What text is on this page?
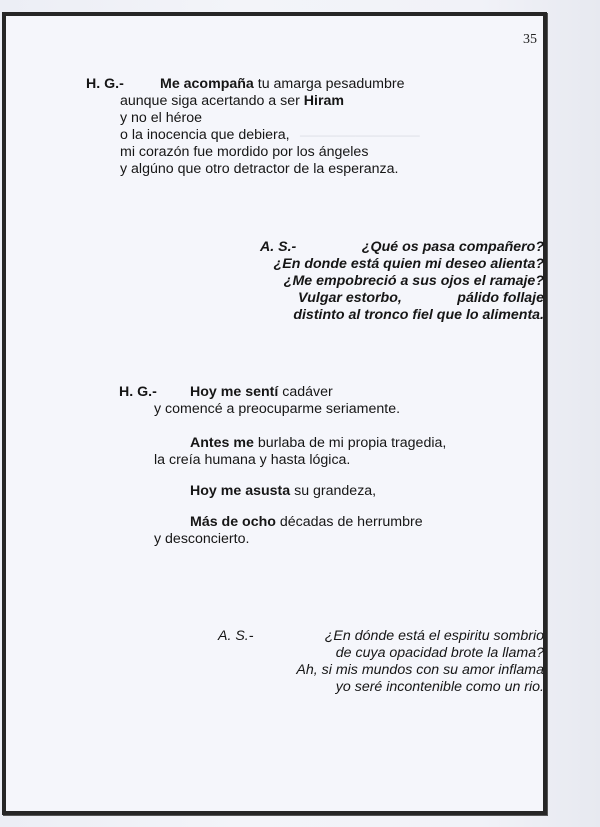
35
─────────────
H. G.-	Me acompaña tu amarga pesadumbre
aunque siga acertando a ser Hiram
y no el héroe
o la inocencia que debiera,
mi corazón fue mordido por los ángeles
y algúno que otro detractor de la esperanza.
A. S.-	¿Qué os pasa compañero?
¿En donde está quien mi deseo alienta?
¿Me empobreció a sus ojos el ramaje?
Vulgar estorbo,	pálido follaje
distinto al tronco fiel que lo alimenta.
H. G.- Hoy me sentí cadáver
y comencé a preocuparme seriamente.
Antes me burlaba de mi propia tragedia,
la creía humana y hasta lógica.
Hoy me asusta su grandeza,
Más de ocho décadas de herrumbre
y desconcierto.
A. S.-	¿En dónde está el espiritu sombrio
de cuya opacidad brote la llama?
Ah, si mis mundos con su amor inflama
yo seré incontenible como un rio.
